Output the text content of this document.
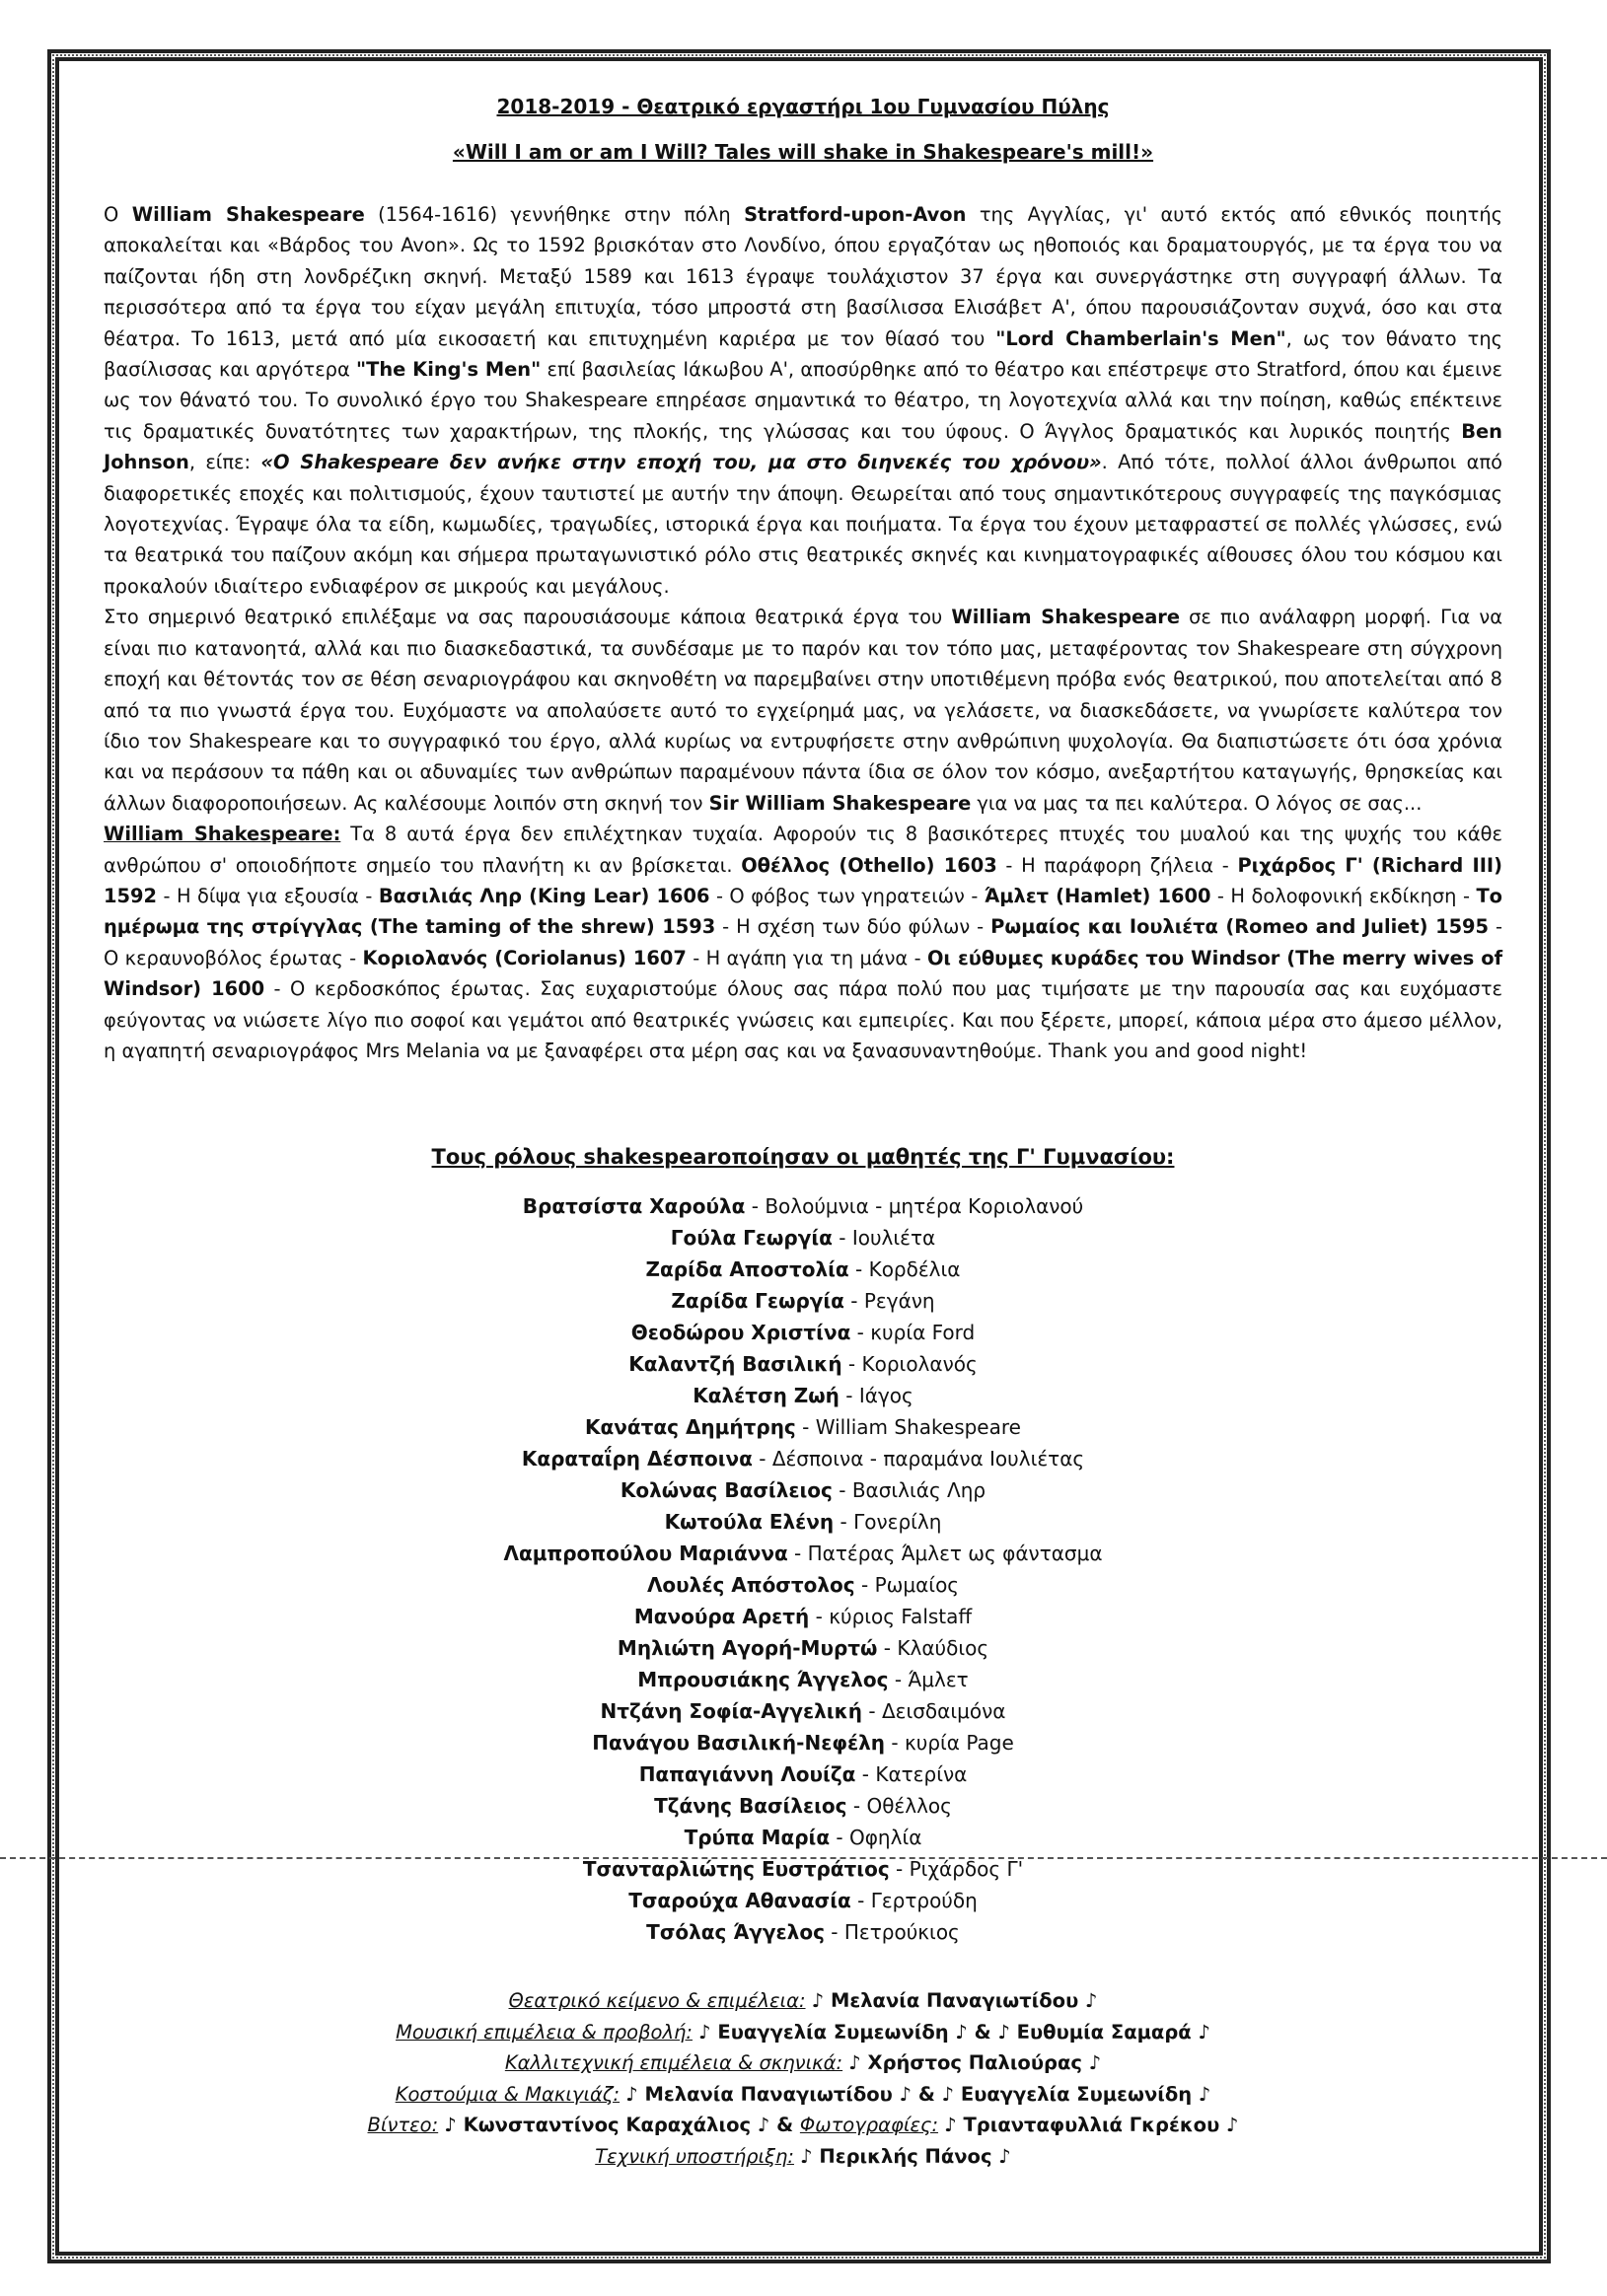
2018-2019 - Θεατρικό εργαστήρι 1ου Γυμνασίου Πύλης
«Will I am or am I Will? Tales will shake in Shakespeare's mill!»

Ο William Shakespeare (1564-1616) γεννήθηκε στην πόλη Stratford-upon-Avon της Αγγλίας, γι' αυτό εκτός από εθνικός ποιητής αποκαλείται και «Βάρδος του Avon». Ως το 1592 βρισκόταν στο Λονδίνο, όπου εργαζόταν ως ηθοποιός και δραματουργός, με τα έργα του να παίζονται ήδη στη λονδρέζικη σκηνή. Μεταξύ 1589 και 1613 έγραψε τουλάχιστον 37 έργα και συνεργάστηκε στη συγγραφή άλλων. Τα περισσότερα από τα έργα του είχαν μεγάλη επιτυχία, τόσο μπροστά στη βασίλισσα Ελισάβετ Α', όπου παρουσιάζονταν συχνά, όσο και στα θέατρα. Το 1613, μετά από μία εικοσαετή και επιτυχημένη καριέρα με τον θίασό του "Lord Chamberlain's Men", ως τον θάνατο της βασίλισσας και αργότερα "The King's Men" επί βασιλείας Ιάκωβου Α', αποσύρθηκε από το θέατρο και επέστρεψε στο Stratford, όπου και έμεινε ως τον θάνατό του. Το συνολικό έργο του Shakespeare επηρέασε σημαντικά το θέατρο, τη λογοτεχνία αλλά και την ποίηση, καθώς επέκτεινε τις δραματικές δυνατότητες των χαρακτήρων, της πλοκής, της γλώσσας και του ύφους. Ο Άγγλος δραματικός και λυρικός ποιητής Ben Johnson, είπε: «Ο Shakespeare δεν ανήκε στην εποχή του, μα στο διηνεκές του χρόνου». Από τότε, πολλοί άλλοι άνθρωποι από διαφορετικές εποχές και πολιτισμούς, έχουν ταυτιστεί με αυτήν την άποψη. Θεωρείται από τους σημαντικότερους συγγραφείς της παγκόσμιας λογοτεχνίας. Έγραψε όλα τα είδη, κωμωδίες, τραγωδίες, ιστορικά έργα και ποιήματα. Τα έργα του έχουν μεταφραστεί σε πολλές γλώσσες, ενώ τα θεατρικά του παίζουν ακόμη και σήμερα πρωταγωνιστικό ρόλο στις θεατρικές σκηνές και κινηματογραφικές αίθουσες όλου του κόσμου και προκαλούν ιδιαίτερο ενδιαφέρον σε μικρούς και μεγάλους.

Στο σημερινό θεατρικό επιλέξαμε να σας παρουσιάσουμε κάποια θεατρικά έργα του William Shakespeare σε πιο ανάλαφρη μορφή. Για να είναι πιο κατανοητά, αλλά και πιο διασκεδαστικά, τα συνδέσαμε με το παρόν και τον τόπο μας, μεταφέροντας τον Shakespeare στη σύγχρονη εποχή και θέτοντάς τον σε θέση σεναριογράφου και σκηνοθέτη να παρεμβαίνει στην υποτιθέμενη πρόβα ενός θεατρικού, που αποτελείται από 8 από τα πιο γνωστά έργα του. Ευχόμαστε να απολαύσετε αυτό το εγχείρημά μας, να γελάσετε, να διασκεδάσετε, να γνωρίσετε καλύτερα τον ίδιο τον Shakespeare και το συγγραφικό του έργο, αλλά κυρίως να εντρυφήσετε στην ανθρώπινη ψυχολογία. Θα διαπιστώσετε ότι όσα χρόνια και να περάσουν τα πάθη και οι αδυναμίες των ανθρώπων παραμένουν πάντα ίδια σε όλον τον κόσμο, ανεξαρτήτου καταγωγής, θρησκείας και άλλων διαφοροποιήσεων. Ας καλέσουμε λοιπόν στη σκηνή τον Sir William Shakespeare για να μας τα πει καλύτερα. Ο λόγος σε σας...

William Shakespeare: Τα 8 αυτά έργα δεν επιλέχτηκαν τυχαία. Αφορούν τις 8 βασικότερες πτυχές του μυαλού και της ψυχής του κάθε ανθρώπου σ' οποιοδήποτε σημείο του πλανήτη κι αν βρίσκεται. Οθέλλος (Othello) 1603 - Η παράφορη ζήλεια - Ριχάρδος Γ' (Richard III) 1592 - Η δίψα για εξουσία - Βασιλιάς Ληρ (King Lear) 1606 - Ο φόβος των γηρατειών - Άμλετ (Hamlet) 1600 - Η δολοφονική εκδίκηση - Το ημέρωμα της στρίγγλας (The taming of the shrew) 1593 - Η σχέση των δύο φύλων - Ρωμαίος και Ιουλιέτα (Romeo and Juliet) 1595 - Ο κεραυνοβόλος έρωτας - Κοριολανός (Coriolanus) 1607 - Η αγάπη για τη μάνα - Οι εύθυμες κυράδες του Windsor (The merry wives of Windsor) 1600 - Ο κερδοσκόπος έρωτας. Σας ευχαριστούμε όλους σας πάρα πολύ που μας τιμήσατε με την παρουσία σας και ευχόμαστε φεύγοντας να νιώσετε λίγο πιο σοφοί και γεμάτοι από θεατρικές γνώσεις και εμπειρίες. Και που ξέρετε, μπορεί, κάποια μέρα στο άμεσο μέλλον, η αγαπητή σεναριογράφος Mrs Melania να με ξαναφέρει στα μέρη σας και να ξανασυναντηθούμε. Thank you and good night!

Τους ρόλους shakespearοποίησαν οι μαθητές της Γ' Γυμνασίου:
Βρατσίστα Χαρούλα - Βολούμνια - μητέρα Κοριολανού
Γούλα Γεωργία - Ιουλιέτα
Ζαρίδα Αποστολία - Κορδέλια
Ζαρίδα Γεωργία - Ρεγάνη
Θεοδώρου Χριστίνα - κυρία Ford
Καλαντζή Βασιλική - Κοριολανός
Καλέτση Ζωή - Ιάγος
Κανάτας Δημήτρης - William Shakespeare
Καραταΐρη Δέσποινα - Δέσποινα - παραμάνα Ιουλιέτας
Κολώνας Βασίλειος - Βασιλιάς Ληρ
Κωτούλα Ελένη - Γονερίλη
Λαμπροπούλου Μαριάννα - Πατέρας Άμλετ ως φάντασμα
Λουλές Απόστολος - Ρωμαίος
Μανούρα Αρετή - κύριος Falstaff
Μηλιώτη Αγορή-Μυρτώ - Κλαύδιος
Μπρουσιάκης Άγγελος - Άμλετ
Ντζάνη Σοφία-Αγγελική - Δεισδαιμόνα
Πανάγου Βασιλική-Νεφέλη - κυρία Page
Παπαγιάννη Λουίζα - Κατερίνα
Τζάνης Βασίλειος - Οθέλλος
Τρύπα Μαρία - Οφηλία
Τσανταρλιώτης Ευστράτιος - Ριχάρδος Γ'
Τσαρούχα Αθανασία - Γερτρούδη
Τσόλας Άγγελος - Πετρούκιος
Θεατρικό κείμενο & επιμέλεια: ♪ Μελανία Παναγιωτίδου ♪
Μουσική επιμέλεια & προβολή: ♪ Ευαγγελία Συμεωνίδη ♪ & ♪ Ευθυμία Σαμαρά ♪
Καλλιτεχνική επιμέλεια & σκηνικά: ♪ Χρήστος Παλιούρας ♪
Κοστούμια & Μακιγιάζ: ♪ Μελανία Παναγιωτίδου ♪ & ♪ Ευαγγελία Συμεωνίδη ♪
Βίντεο: ♪ Κωνσταντίνος Καραχάλιος ♪ & Φωτογραφίες: ♪ Τριανταφυλλιά Γκρέκου ♪
Τεχνική υποστήριξη: ♪ Περικλής Πάνος ♪
